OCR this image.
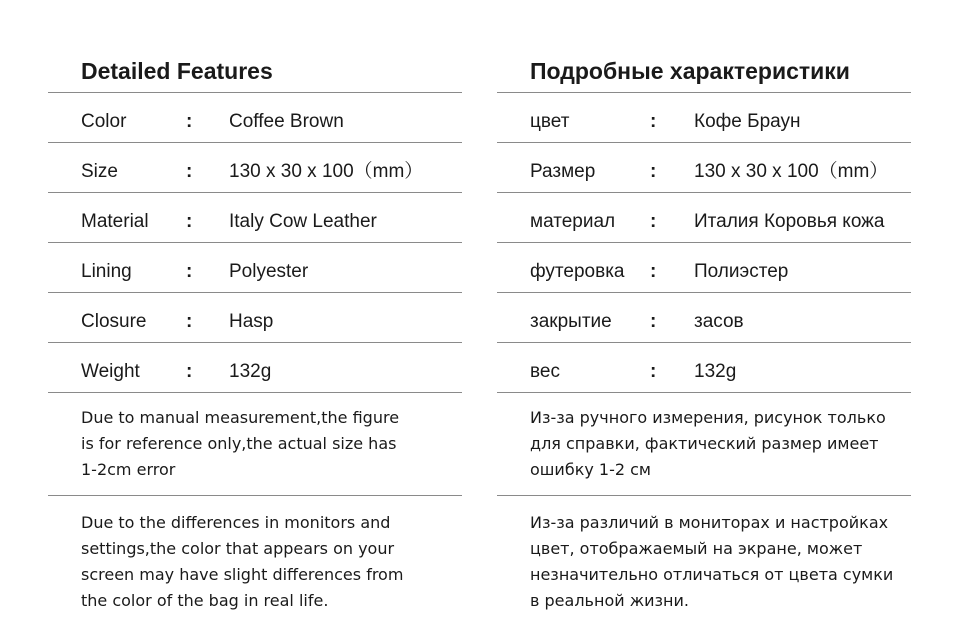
Detailed Features
Color	: Coffee Brown
Size	: 130 x 30 x 100（mm）
Material : Italy Cow Leather
Lining	: Polyester
Closure : Hasp
Weight : 132g

Due to manual measurement,the figure

is for reference only,the actual size has

1-2cm error

Due to the differences in monitors and

settings,the color that appears on your

screen may have slight differences from

the color of the bag in real life.

Подробные характеристики
цвет	: Кофе Браун
Размер	: 130 x 30 x 100（mm）
материал : Италия Коровья кожа
футеровка : Полиэстер
закрытие : засов
вес	: 132g

Из-за ручного измерения, рисунок только

для справки, фактический размер имеет

ошибку 1-2 см

Из-за различий в мониторах и настройках

цвет, отображаемый на экране, может

незначительно отличаться от цвета сумки

в реальной жизни.
